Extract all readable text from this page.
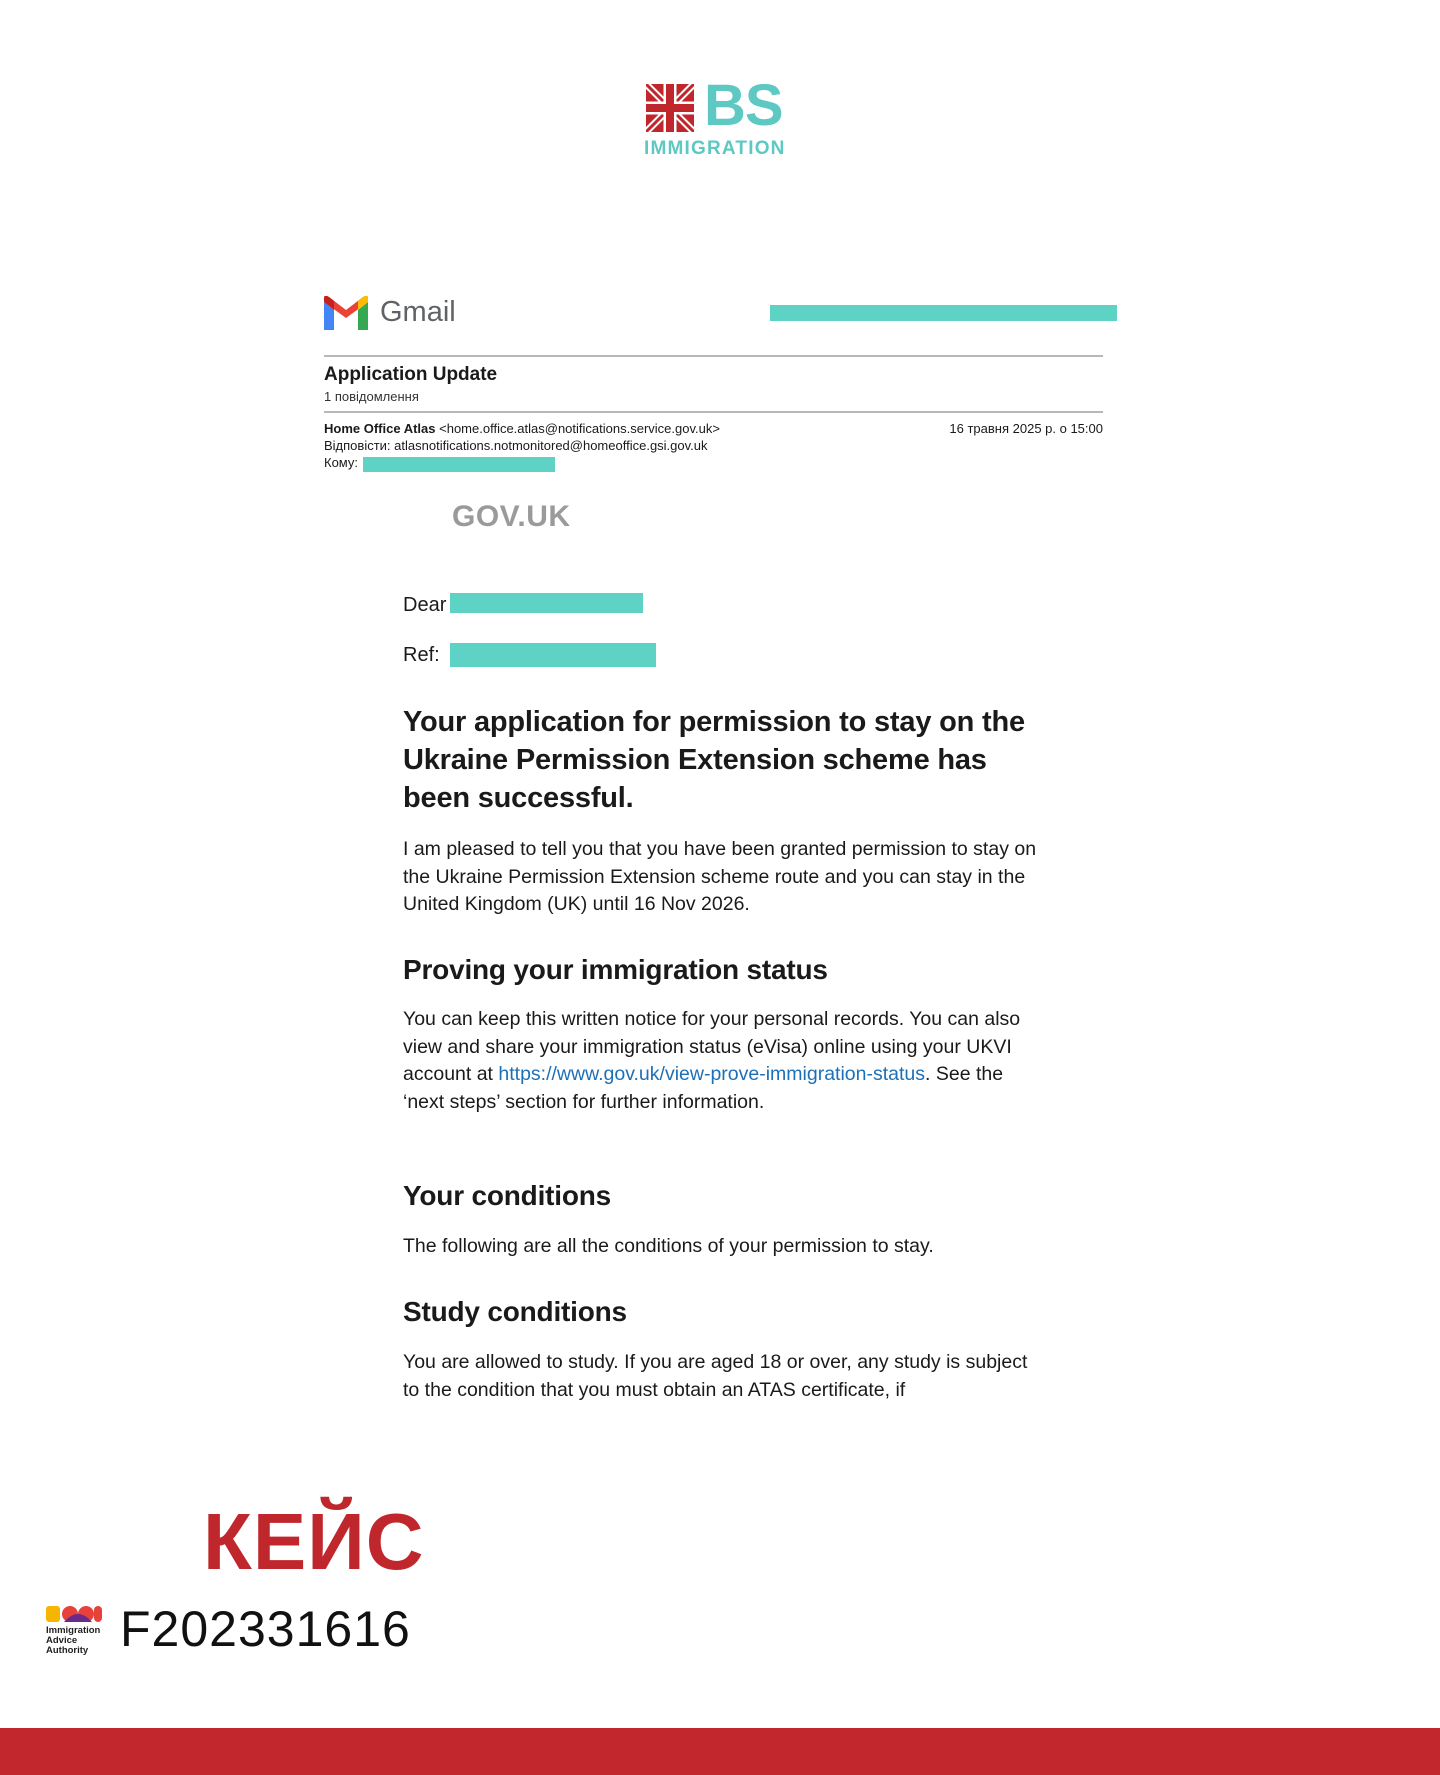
BS
IMMIGRATION
Gmail
Application Update
1 повідомлення
Home Office Atlas <home.office.atlas@notifications.service.gov.uk>	16 травня 2025 р. о 15:00
Відповісти: atlasnotifications.notmonitored@homeoffice.gsi.gov.uk
Кому:
GOV.UK
Dear
Ref:
Your application for permission to stay on the Ukraine Permission Extension scheme has been successful.

I am pleased to tell you that you have been granted permission to stay on the Ukraine Permission Extension scheme route and you can stay in the United Kingdom (UK) until 16 Nov 2026.

Proving your immigration status

You can keep this written notice for your personal records. You can also view and share your immigration status (eVisa) online using your UKVI account at https://www.gov.uk/view-prove-immigration-status. See the ‘next steps’ section for further information.

Your conditions

The following are all the conditions of your permission to stay.

Study conditions

You are allowed to study. If you are aged 18 or over, any study is subject to the condition that you must obtain an ATAS certificate, if

КЕЙС
Immigration
Advice
Authority F202331616
